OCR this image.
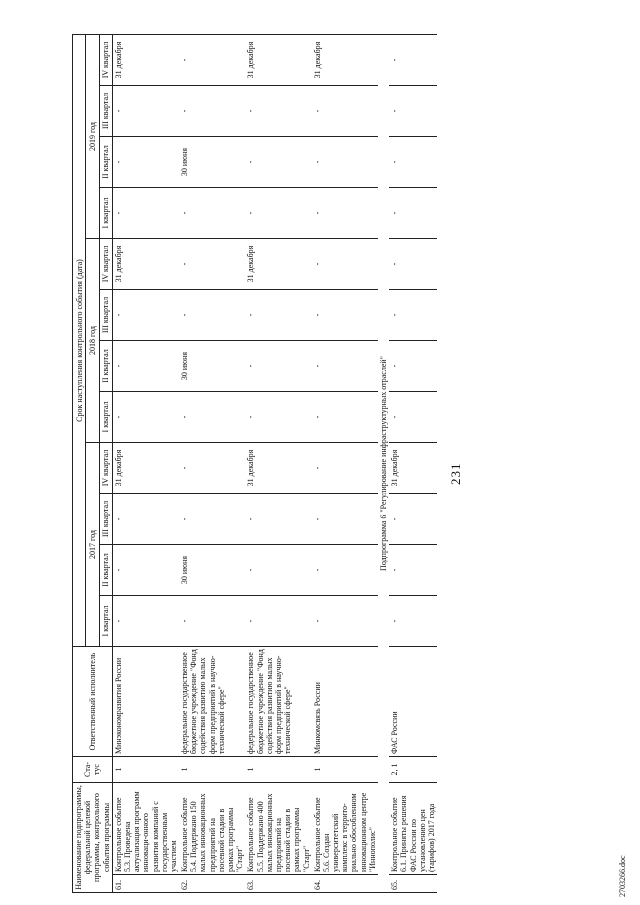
231
Наименование подпрограммы, федеральной целевой программы, контрольного события программы		Ста-тус	Ответственный исполнитель	Срок наступления контрольного события (дата)											
				2017 год				2018 год				2019 год			
				I квартал	II квартал	III квартал	IV квартал	I квартал	II квартал	III квартал	IV квартал	I квартал	II квартал	III квартал	IV квартал
61.	Контрольное событие 5.3. Проведена актуализация программ инноваци-онного развития компаний с государственным участием	1	Минэкономразвития России	-	-	-	31 декабря	-	-	-	31 декабря	-	-	-	31 декабря
62.	Контрольное событие 5.4. Поддержано 150 малых инновационных предприятий на посевной стадии в рамках программы "Старт"	1	федеральное государственное бюджетное учреждение "Фонд содействия развитию малых форм предприятий в научно-технической сфере"	-	30 июня	-	-	-	30 июня	-	-	-	30 июня	-	-
63.	Контрольное событие 5.5. Поддержано 400 малых инновационных предприятий на посевной стадии в рамках программы "Старт"	1	федеральное государственное бюджетное учреждение "Фонд содействия развитию малых форм предприятий в научно-технической сфере"	-	-	-	31 декабря	-	-	-	31 декабря	-	-	-	31 декабря
64.	Контрольное событие 5.6. Создан университетский комплекс в террито-риально обособленном инновационном центре "Иннополис"	1	Минкомсвязь России	-	-	-	-	-	-	-	-	-	-	-	31 декабря
Подпрограмма 6 "Регулирование инфраструктурных отраслей"															
65.	Контрольное событие 6.1. Приняты решения ФАС России по установлению цен (тарифов) 2017 года	2, 1	ФАС России	-	-	-	31 декабря	-	-	-	-	-	-	-	-
2703266.doc
